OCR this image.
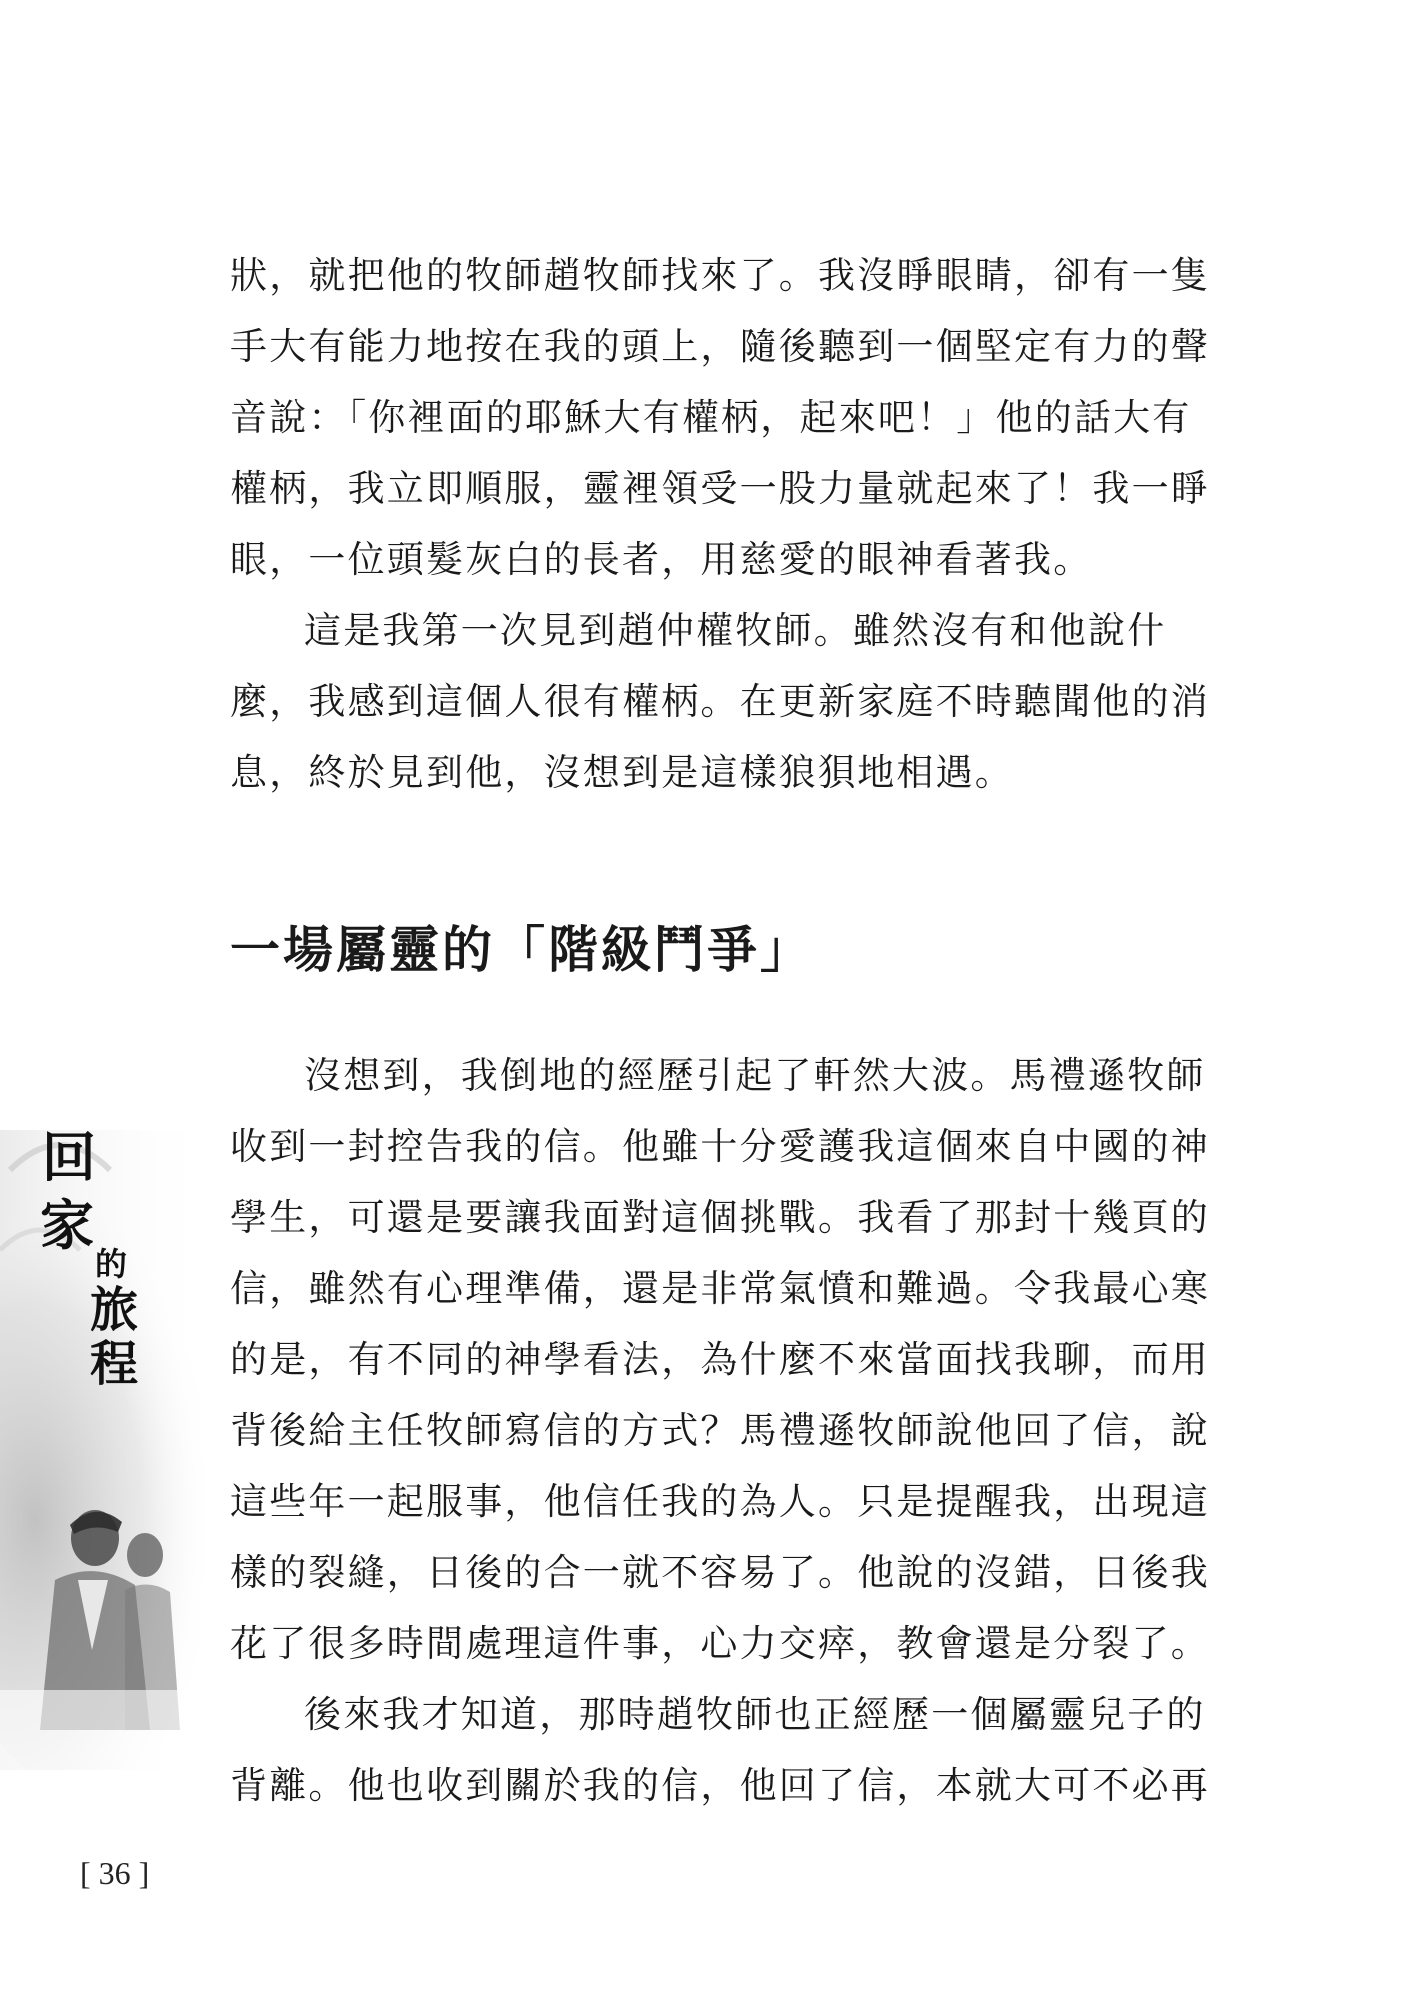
狀，就把他的牧師趙牧師找來了。我沒睜眼睛，卻有一隻
手大有能力地按在我的頭上，隨後聽到一個堅定有力的聲
音說：「你裡面的耶穌大有權柄，起來吧！」他的話大有
權柄，我立即順服，靈裡領受一股力量就起來了！我一睜
眼，一位頭髮灰白的長者，用慈愛的眼神看著我。
這是我第一次見到趙仲權牧師。雖然沒有和他說什
麼，我感到這個人很有權柄。在更新家庭不時聽聞他的消
息，終於見到他，沒想到是這樣狼狽地相遇。
一場屬靈的「階級鬥爭」
沒想到，我倒地的經歷引起了軒然大波。馬禮遜牧師
收到一封控告我的信。他雖十分愛護我這個來自中國的神
學生，可還是要讓我面對這個挑戰。我看了那封十幾頁的
信，雖然有心理準備，還是非常氣憤和難過。令我最心寒
的是，有不同的神學看法，為什麼不來當面找我聊，而用
背後給主任牧師寫信的方式？馬禮遜牧師說他回了信，說
這些年一起服事，他信任我的為人。只是提醒我，出現這
樣的裂縫，日後的合一就不容易了。他說的沒錯，日後我
花了很多時間處理這件事，心力交瘁，教會還是分裂了。
後來我才知道，那時趙牧師也正經歷一個屬靈兒子的
背離。他也收到關於我的信，他回了信，本就大可不必再
回
家
的
旅
程
[ 36 ]
